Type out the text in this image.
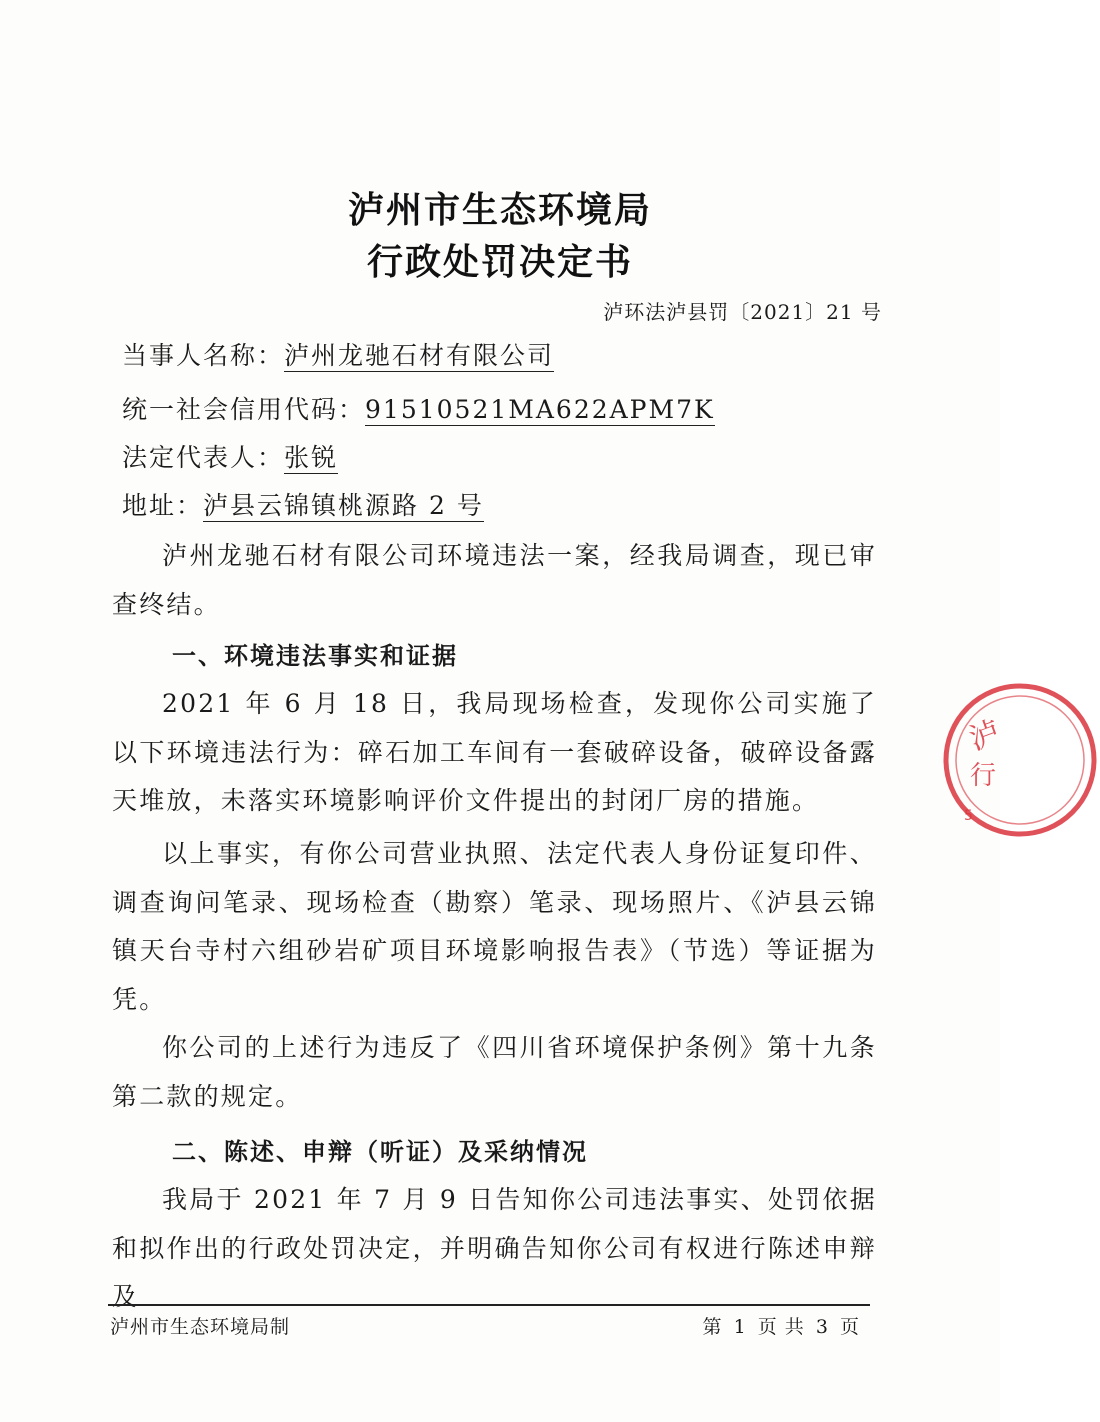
泸州市生态环境局
行政处罚决定书
泸环法泸县罚〔2021〕21 号
当事人名称：泸州龙驰石材有限公司
统一社会信用代码：91510521MA622APM7K
法定代表人：张锐
地址：泸县云锦镇桃源路 2 号

泸州龙驰石材有限公司环境违法一案，经我局调查，现已审查终结。

一、环境违法事实和证据

2021 年 6 月 18 日，我局现场检查，发现你公司实施了以下环境违法行为：碎石加工车间有一套破碎设备，破碎设备露天堆放，未落实环境影响评价文件提出的封闭厂房的措施。

以上事实，有你公司营业执照、法定代表人身份证复印件、调查询问笔录、现场检查（勘察）笔录、现场照片、《泸县云锦镇天台寺村六组砂岩矿项目环境影响报告表》（节选）等证据为凭。

你公司的上述行为违反了《四川省环境保护条例》第十九条第二款的规定。

二、陈述、申辩（听证）及采纳情况

我局于 2021 年 7 月 9 日告知你公司违法事实、处罚依据和拟作出的行政处罚决定，并明确告知你公司有权进行陈述申辩及

泸州市生态环境局制	第 1 页 共 3 页
泸
行
5
